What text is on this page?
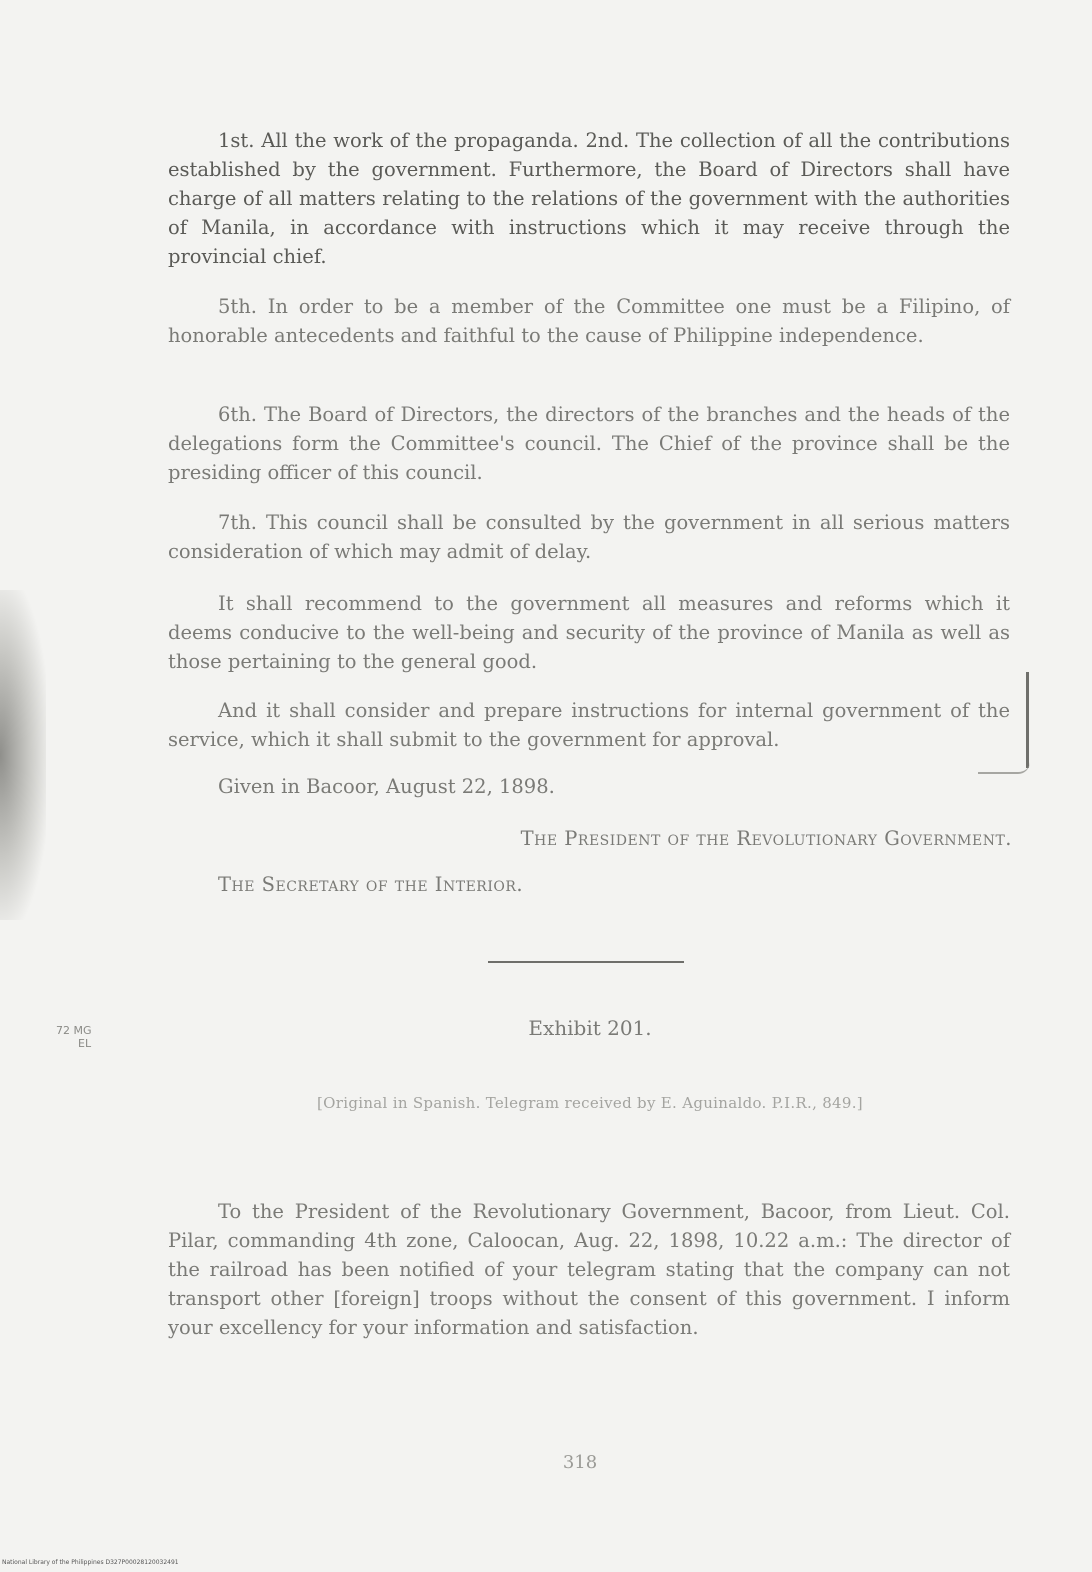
1st. All the work of the propaganda. 2nd. The collection of all the contributions established by the government. Furthermore, the Board of Directors shall have charge of all matters relating to the relations of the government with the authorities of Manila, in accordance with instructions which it may receive through the provincial chief.

5th. In order to be a member of the Committee one must be a Filipino, of honorable antecedents and faithful to the cause of Philippine independence.

6th. The Board of Directors, the directors of the branches and the heads of the delegations form the Committee's council. The Chief of the province shall be the presiding officer of this council.

7th. This council shall be consulted by the government in all serious matters consideration of which may admit of delay.

It shall recommend to the government all measures and reforms which it deems conducive to the well-being and security of the province of Manila as well as those pertaining to the general good.

And it shall consider and prepare instructions for internal government of the service, which it shall submit to the government for approval.

Given in Bacoor, August 22, 1898.

The President of the Revolutionary Government.
The Secretary of the Interior.
72 MG
EL
Exhibit 201.
[Original in Spanish. Telegram received by E. Aguinaldo. P.I.R., 849.]

To the President of the Revolutionary Government, Bacoor, from Lieut. Col. Pilar, commanding 4th zone, Caloocan, Aug. 22, 1898, 10.22 a.m.: The director of the railroad has been notified of your telegram stating that the company can not transport other [foreign] troops without the consent of this government. I inform your excellency for your information and satisfaction.

318
National Library of the Philippines D327P00028120032491
